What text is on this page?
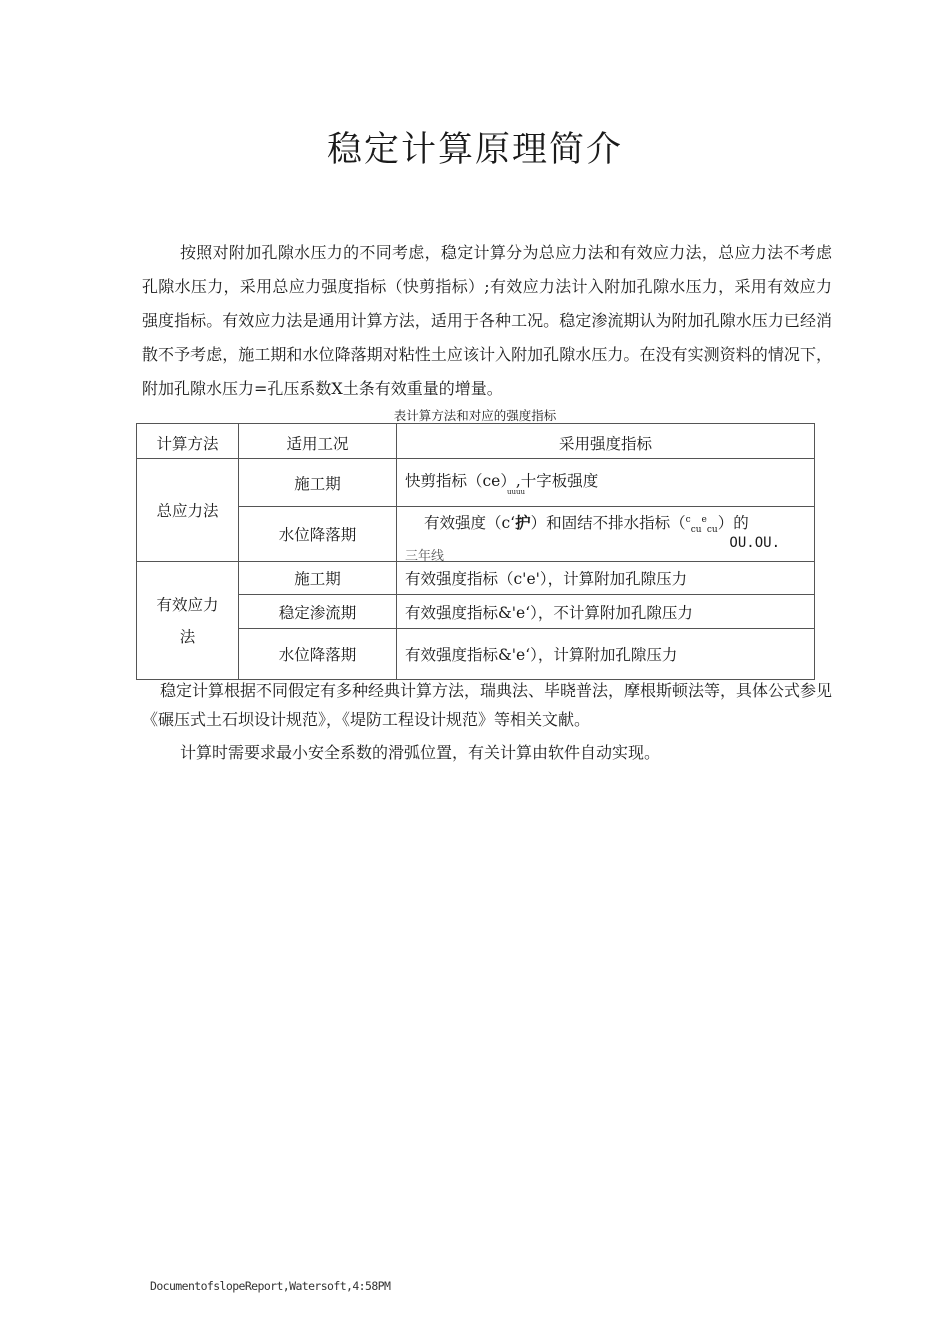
稳定计算原理简介

按照对附加孔隙水压力的不同考虑，稳定计算分为总应力法和有效应力法，总应力法不考虑孔隙水压力，采用总应力强度指标（快剪指标）;有效应力法计入附加孔隙水压力，采用有效应力强度指标。有效应力法是通用计算方法，适用于各种工况。稳定渗流期认为附加孔隙水压力已经消散不予考虑，施工期和水位降落期对粘性土应该计入附加孔隙水压力。在没有实测资料的情况下，附加孔隙水压力=孔压系数X土条有效重量的增量。

表计算方法和对应的强度指标
计算方法	适用工况	采用强度指标

总应力法	施工期	快剪指标（ce）,十字板强度
uuuu

	水位降落期	有效强度（c‘护）和固结不排水指标（$^c_{cu}^e_{cu}$）的
OU.OU.
三年线

有效应力
法	施工期	有效强度指标（c'e'），计算附加孔隙压力
	稳定渗流期	有效强度指标&'e‘），不计算附加孔隙压力
	水位降落期	有效强度指标&'e‘），计算附加孔隙压力

稳定计算根据不同假定有多种经典计算方法，瑞典法、毕晓普法，摩根斯顿法等，具体公式参见《碾压式土石坝设计规范》，《堤防工程设计规范》等相关文献。

计算时需要求最小安全系数的滑弧位置，有关计算由软件自动实现。

DocumentofslopeReport,Watersoft,4:58PM
